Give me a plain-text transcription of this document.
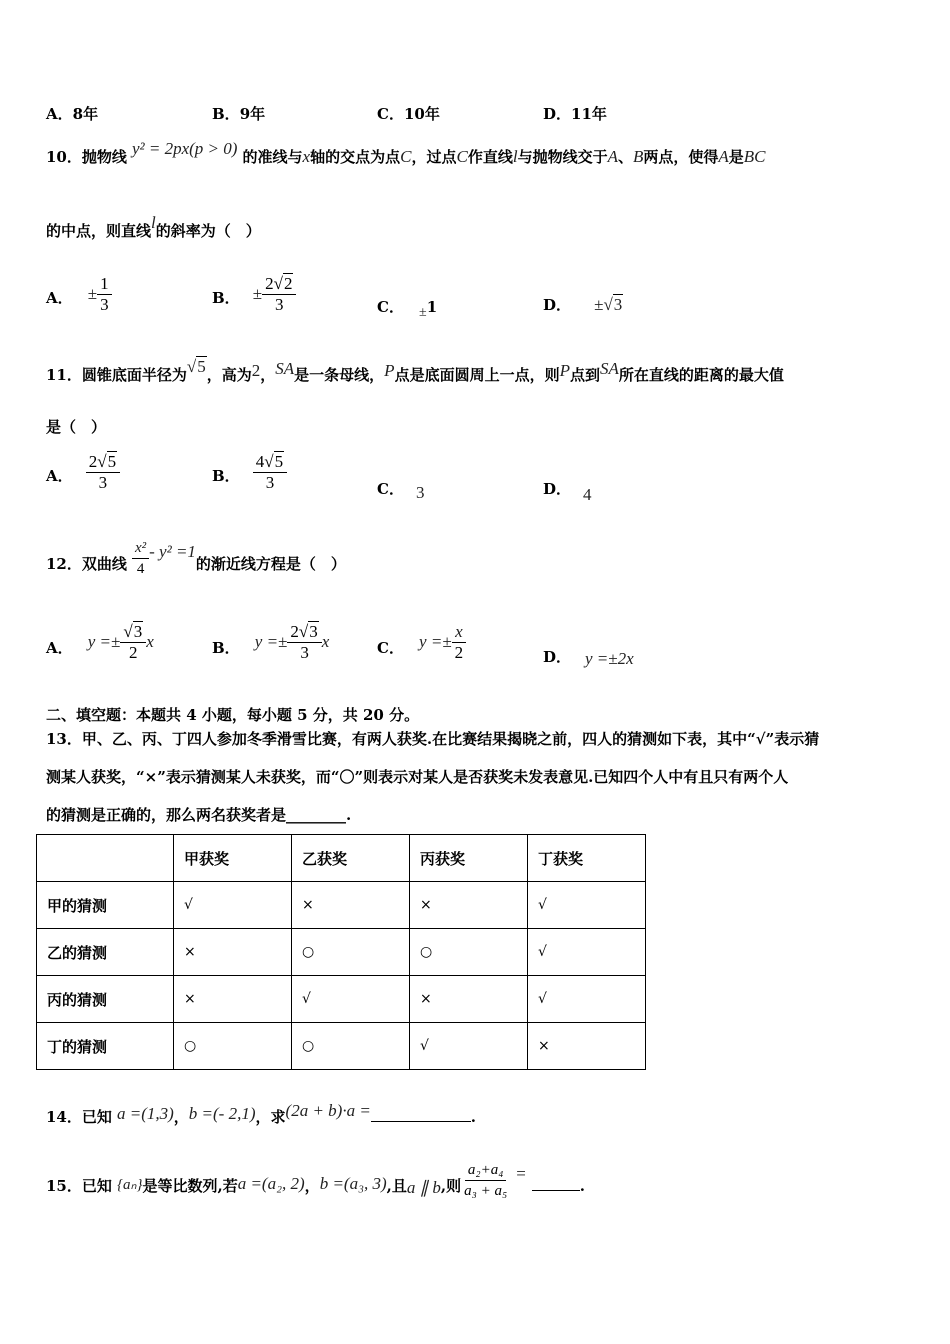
A．8年	B．9年	C．10年	D．11年
10．抛物线 y² = 2px(p > 0) 的准线与x轴的交点为点C，过点C作直线l与抛物线交于A、B两点，使得A是BC
的中点，则直线l的斜率为（　）
A． ± $\frac{1}{3}$	B． ± $\frac{2√2}{3}$	C． ±1	D． ±√3
11．圆锥底面半径为√5，高为2，SA是一条母线，P点是底面圆周上一点，则P点到SA所在直线的距离的最大值
是（　）
A． $\frac{2√5}{3}$	B． $\frac{4√5}{3}$	C． 3	D． 4
12．双曲线 $\frac{\text{x²}}{4} - y^2 =1$的渐近线方程是（　）
A． $y =\pm \frac{√3}{2}$ x	B． $y =\pm \frac{2√3}{3}$ x	C． $y =\pm \frac{x}{2}$	D． y =±2x
二、填空题：本题共 4 小题，每小题 5 分，共 20 分。
13．甲、乙、丙、丁四人参加冬季滑雪比赛，有两人获奖.在比赛结果揭晓之前，四人的猜测如下表，其中“√”表示猜
测某人获奖，“×”表示猜测某人未获奖，而“〇”则表示对某人是否获奖未发表意见.已知四个人中有且只有两个人
的猜测是正确的，那么两名获奖者是________.
	甲获奖	乙获奖	丙获奖	丁获奖
甲的猜测	√	×	×	√
乙的猜测	×	○	○	√
丙的猜测	×	√	×	√
丁的猜测	○	○	√	×
14．已知 a =(1,3)，b =(- 2,1)，求(2a + b)·a =	.
15．已知 {aₙ}是等比数列,若a =(a₂, 2)，b =(a₃, 3),且a ∥ b,则 $\frac{\text{a₂+a₄}}{\text{a₃ + a₅}}$ =.
